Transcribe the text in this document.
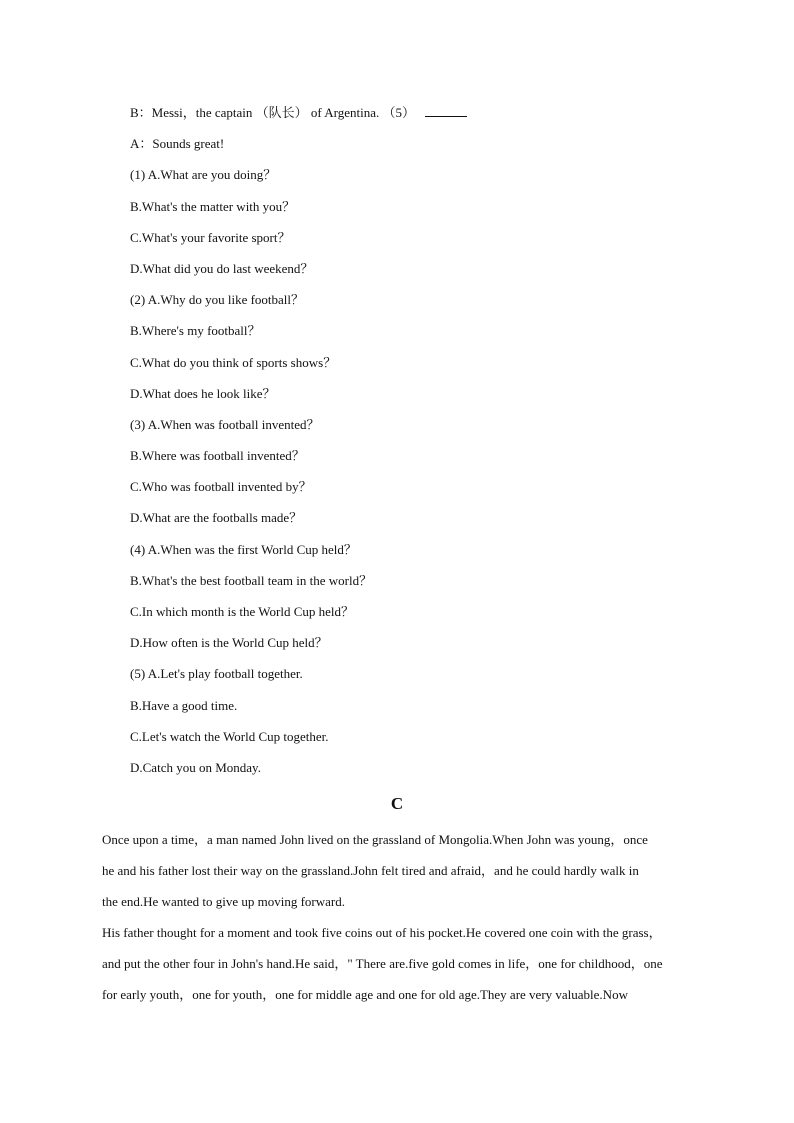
B：Messi，the captain （队长） of Argentina. （5）
A：Sounds great!
(1) A.What are you doing？
B.What's the matter with you？
C.What's your favorite sport？
D.What did you do last weekend？
(2) A.Why do you like football？
B.Where's my football？
C.What do you think of sports shows？
D.What does he look like？
(3) A.When was football invented？
B.Where was football invented？
C.Who was football invented by？
D.What are the footballs made？
(4) A.When was the first World Cup held？
B.What's the best football team in the world？
C.In which month is the World Cup held？
D.How often is the World Cup held？
(5) A.Let's play football together.
B.Have a good time.
C.Let's watch the World Cup together.
D.Catch you on Monday.
C
Once upon a time，a man named John lived on the grassland of Mongolia.When John was young，once
he and his father lost their way on the grassland.John felt tired and afraid，and he could hardly walk in
the end.He wanted to give up moving forward.
His father thought for a moment and took five coins out of his pocket.He covered one coin with the grass，
and put the other four in John's hand.He said，" There are.five gold comes in life，one for childhood，one
for early youth，one for youth，one for middle age and one for old age.They are very valuable.Now
